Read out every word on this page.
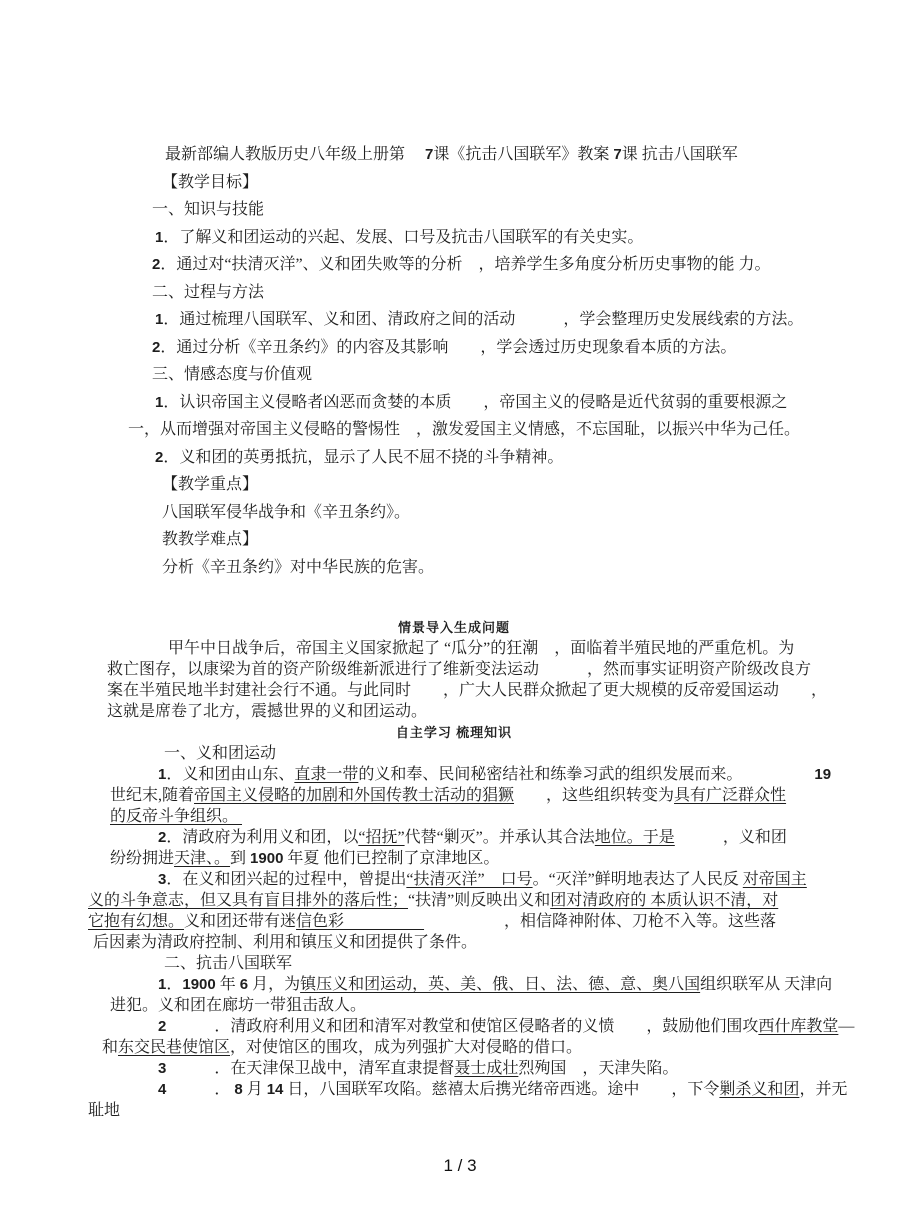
最新部编人教版历史八年级上册第　 7课《抗击八国联军》教案 7课 抗击八国联军
【教学目标】
一、知识与技能
1．了解义和团运动的兴起、发展、口号及抗击八国联军的有关史实。
2．通过对“扶清灭洋”、义和团失败等的分析　，培养学生多角度分析历史事物的能 力。
二、过程与方法
1．通过梳理八国联军、义和团、清政府之间的活动　　　，学会整理历史发展线索的方法。
2．通过分析《辛丑条约》的内容及其影响　　，学会透过历史现象看本质的方法。
三、情感态度与价值观
1．认识帝国主义侵略者凶恶而贪婪的本质　　，帝国主义的侵略是近代贫弱的重要根源之
一，从而增强对帝国主义侵略的警惕性　，激发爱国主义情感，不忘国耻，以振兴中华为己任。
2．义和团的英勇抵抗，显示了人民不屈不挠的斗争精神。
【教学重点】
八国联军侵华战争和《辛丑条约》。
教教学难点】
分析《辛丑条约》对中华民族的危害。
情景导入生成问题
甲午中日战争后，帝国主义国家掀起了 “瓜分”的狂潮　，面临着半殖民地的严重危机。为
救亡图存，以康梁为首的资产阶级维新派进行了维新变法运动　　　，然而事实证明资产阶级改良方
案在半殖民地半封建社会行不通。与此同时　　，广大人民群众掀起了更大规模的反帝爱国运动　　，
这就是席卷了北方，震撼世界的义和团运动。
自主学习 梳理知识
一、义和团运动
1．义和团由山东、直隶一带的义和奉、民间秘密结社和练拳习武的组织发展而来。　　　　　19
世纪末,随着帝国主义侵略的加剧和外国传教士活动的猖獗　　，这些组织转变为具有广泛群众性
的反帝斗争组织。
2．清政府为利用义和团，以“招抚”代替“剿灭”。并承认其合法地位。于是　　　，义和团
纷纷拥进天津、。到 1900 年夏 他们已控制了京津地区。
3．在义和团兴起的过程中，曾提出“扶清灭洋”　口号。“灭洋”鲜明地表达了人民反 对帝国主
义的斗争意志，但又具有盲目排外的落后性；“扶清”则反映出义和团对清政府的 本质认识不清，对
它抱有幻想。义和团还带有迷信色彩　　　　　　　　　　，相信降神附体、刀枪不入等。这些落
后因素为清政府控制、利用和镇压义和团提供了条件。
二、抗击八国联军
1．1900 年 6 月，为镇压义和团运动，英、美、俄、日、法、德、意、奥八国组织联军从 天津向
进犯。义和团在廊坊一带狙击敌人。
2　　　．清政府利用义和团和清军对教堂和使馆区侵略者的义愤　　，鼓励他们围攻西什库教堂—
和东交民巷使馆区，对使馆区的围攻，成为列强扩大对侵略的借口。
3　　　．在天津保卫战中，清军直隶提督聂士成壮烈殉国　，天津失陷。
4　　　． 8 月 14 日，八国联军攻陷。慈禧太后携光绪帝西逃。途中　　，下令剿杀义和团，并无
耻地
1 / 3
